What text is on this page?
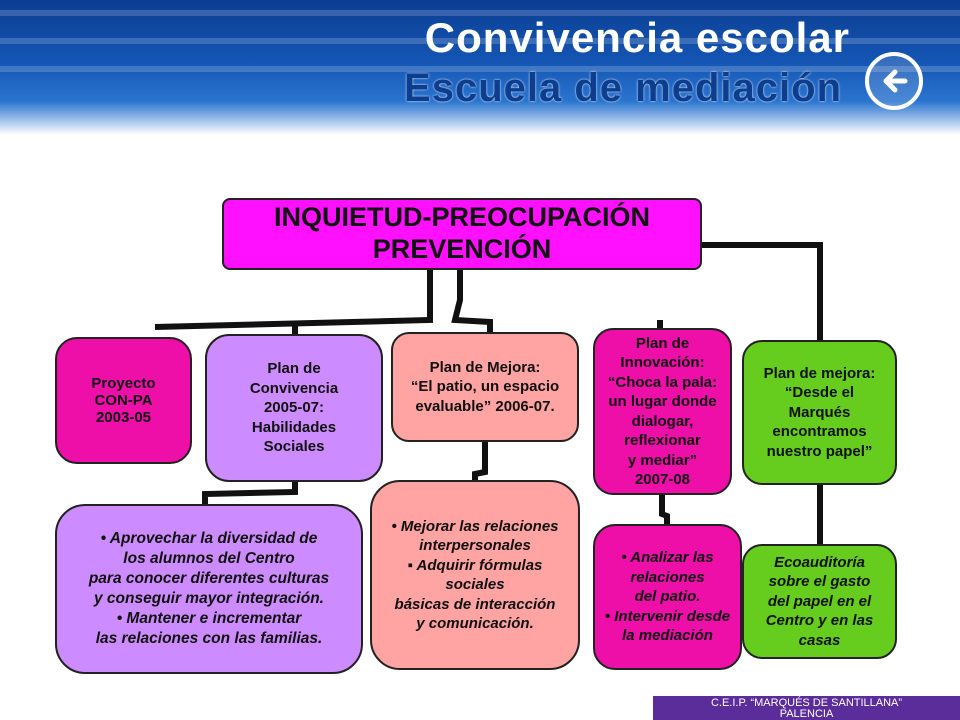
Convivencia escolar
Escuela de mediación
INQUIETUD-PREOCUPACIÓN
PREVENCIÓN
Proyecto
CON-PA
2003-05
Plan de
Convivencia
2005-07:
Habilidades
Sociales
Plan de Mejora:
“El patio, un espacio
evaluable” 2006-07.
Plan de
Innovación:
“Choca la pala:
un lugar donde
dialogar,
reflexionar
y mediar”
2007-08
Plan de mejora:
“Desde el
Marqués
encontramos
nuestro papel”
• Aprovechar la diversidad de
los alumnos del Centro
para conocer diferentes culturas
y conseguir mayor integración.
• Mantener e incrementar
las relaciones con las familias.
• Mejorar las relaciones
interpersonales
▪ Adquirir fórmulas
sociales
básicas de interacción
y comunicación.
• Analizar las
relaciones
del patio.
• Intervenir desde
la mediación
Ecoauditoría
sobre el gasto
del papel en el
Centro y en las
casas
C.E.I.P. “MARQUÉS DE SANTILLANA”
PALENCIA
